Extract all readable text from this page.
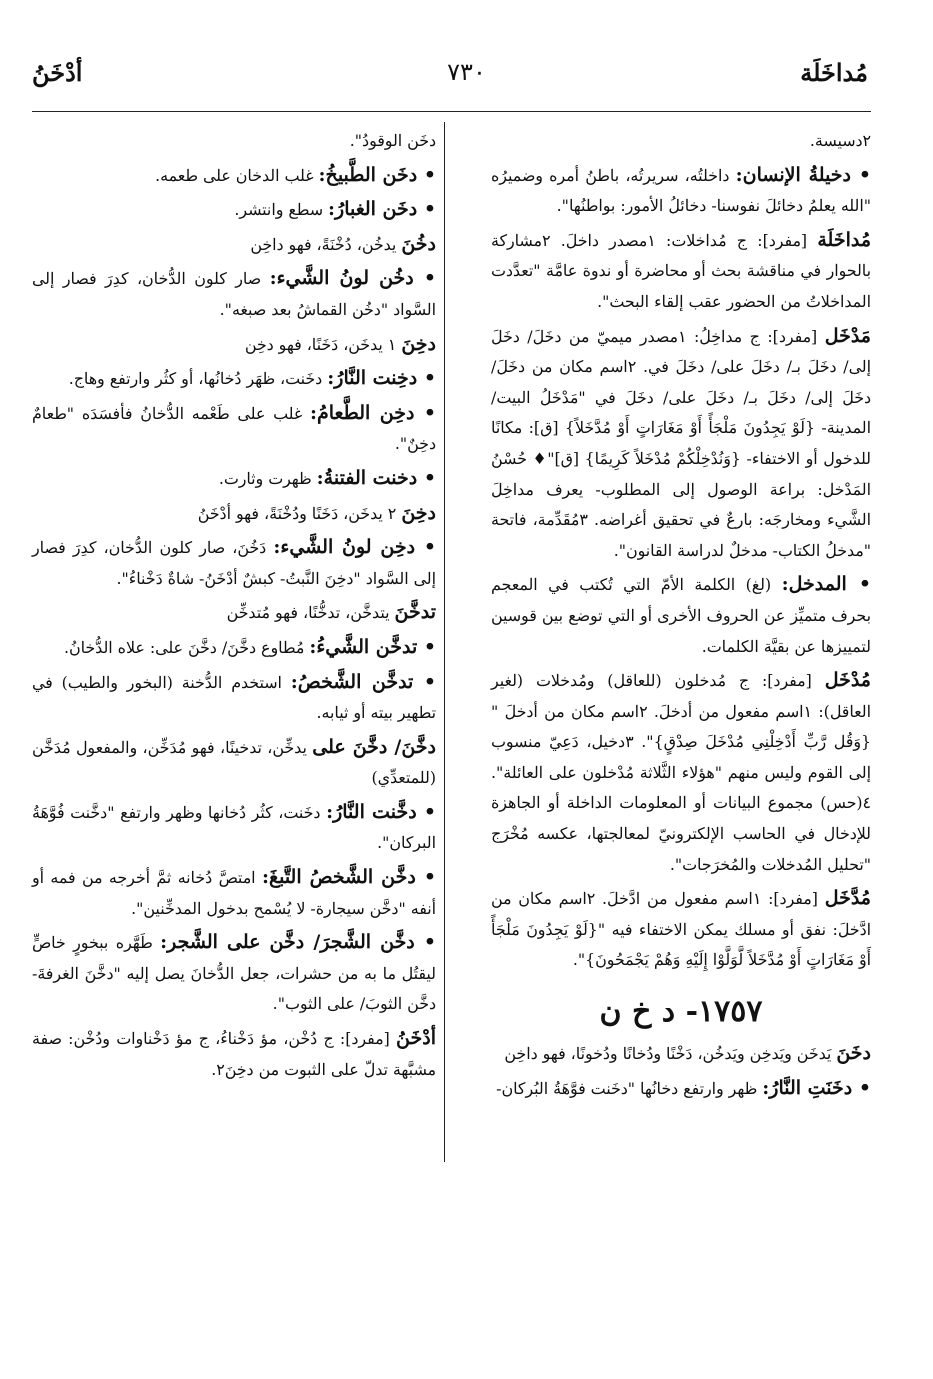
مُداخَلَة
٧٣٠
أدْخَنُ

٢دسيسة.

• دخيلةُ الإنسان: داخلتُه، سريرتُه، باطنُ أمره وضميرُه "الله يعلمُ دخائلَ نفوسنا- دخائلُ الأمور: بواطنُها".

مُداخَلَة [مفرد]: ج مُداخلات: ١مصدر داخلَ. ٢مشاركة بالحوار في مناقشة بحث أو محاضرة أو ندوة عامَّة "تعدَّدت المداخلاتُ من الحضور عقب إلقاء البحث".

مَدْخَل [مفرد]: ج مداخِلُ: ١مصدر ميميّ من دخَلَ/ دخَلَ إلى/ دخَلَ بـ/ دخَلَ على/ دخَلَ في. ٢اسم مكان من دخَلَ/ دخَلَ إلى/ دخَلَ بـ/ دخَلَ على/ دخَلَ في "مَدْخَلُ البيت/ المدينة- {لَوْ يَجِدُونَ مَلْجَأً أَوْ مَغَارَاتٍ أَوْ مُدَّخَلاً} [ق]: مكانًا للدخول أو الاختفاء- {وَنُدْخِلْكُمْ مُدْخَلاً كَرِيمًا} [ق]"♦ حُسْنُ المَدْخل: براعة الوصول إلى المطلوب- يعرف مداخِلَ الشَّيء ومخارجَه: بارعٌ في تحقيق أغراضه. ٣مُقَدِّمة، فاتحة "مدخلُ الكتاب- مدخلٌ لدراسة القانون".

• المدخل: (لغ) الكلمة الأمّ التي تُكتب في المعجم بحرف متميِّز عن الحروف الأخرى أو التي توضع بين قوسين لتمييزها عن بقيَّة الكلمات.

مُدْخَل [مفرد]: ج مُدخلون (للعاقل) ومُدخلات (لغير العاقل): ١اسم مفعول من أدخلَ. ٢اسم مكان من أدخلَ "{وَقُل رَّبِّ أَدْخِلْنِي مُدْخَلَ صِدْقٍ}". ٣دخيل، دَعِيّ منسوب إلى القوم وليس منهم "هؤلاء الثَّلاثة مُدْخلون على العائلة". ٤(حس) مجموع البيانات أو المعلومات الداخلة أو الجاهزة للإدخال في الحاسب الإلكترونيّ لمعالجتها، عكسه مُخْرَج "تحليل المُدخلات والمُخرَجات".

مُدَّخَل [مفرد]: ١اسم مفعول من ادَّخلَ. ٢اسم مكان من ادَّخلَ: نفق أو مسلك يمكن الاختفاء فيه "{لَوْ يَجِدُونَ مَلْجَأً أَوْ مَغَارَاتٍ أَوْ مُدَّخَلاً لَّوَلَّوْا إِلَيْهِ وَهُمْ يَجْمَحُونَ}".

١٧٥٧- د خ ن

دخَنَ يَدخَن ويَدخِن ويَدخُن، دَخْنًا ودُخانًا ودُخونًا، فهو داخِن

• دخَنَتِ النَّارُ: ظهر وارتفع دخانُها "دخَنت فوَّهَةُ البُركان-

دخَن الوقودُ".

• دخَن الطَّبيخُ: غلب الدخان على طعمه.

• دخَن الغبارُ: سطع وانتشر.

دخُنَ يدخُن، دُخْنَةً، فهو داخِن

• دخُن لونُ الشَّيء: صار كلون الدُّخان، كدِرَ فصار إلى السَّواد "دخُن القماشُ بعد صبغه".

دخِنَ ١ يدخَن، دَخَنًا، فهو دخِن

• دخِنت النَّارُ: دخَنت، ظهَر دُخانُها، أو كثُر وارتفع وهاج.

• دخِن الطَّعامُ: غلب على طَعْمه الدُّخانُ فأفسَدَه "طعامٌ دخِنٌ".

• دخنت الفتنةُ: ظهرت وثارت.

دخِنَ ٢ يدخَن، دَخَنًا ودُخْنَةً، فهو أدْخَنُ

• دخِن لونُ الشَّيء: دَخُنَ، صار كلون الدُّخان، كدِرَ فصار إلى السَّواد "دخِنَ النَّبتُ- كبشٌ أدْخَنُ- شاةٌ دَخْناءُ".

تدخَّنَ يتدخَّن، تدخُّنًا، فهو مُتدخِّن

• تدخَّن الشَّيءُ: مُطاوع دخَّنَ/ دخَّنَ على: علاه الدُّخانُ.

• تدخَّن الشَّخصُ: استخدم الدُّخنة (البخور والطيب) في تطهير بيته أو ثيابه.

دخَّنَ/ دخَّنَ على يدخِّن، تدخينًا، فهو مُدَخِّن، والمفعول مُدَخَّن (للمتعدِّي)

• دخَّنت النَّارُ: دخَنت، كثُر دُخانها وظهر وارتفع "دخَّنت فُوَّهَةُ البركان".

• دخَّن الشَّخصُ التَّبغَ: امتصَّ دُخانه ثمَّ أخرجه من فمه أو أنفه "دخَّن سيجارة- لا يُسْمح بدخول المدخِّنين".

• دخَّن الشَّجرَ/ دخَّن على الشَّجر: طَهَّره ببخورٍ خاصٍّ ليقتُل ما به من حشرات، جعل الدُّخانَ يصل إليه "دخَّنَ الغرفةَ- دخَّن الثوبَ/ على الثوب".

أدْخَنُ [مفرد]: ج دُخْن، مؤ دَخْناءُ، ج مؤ دَخْناوات ودُخْن: صفة مشبَّهة تدلّ على الثبوت من دخِنَ٢.
